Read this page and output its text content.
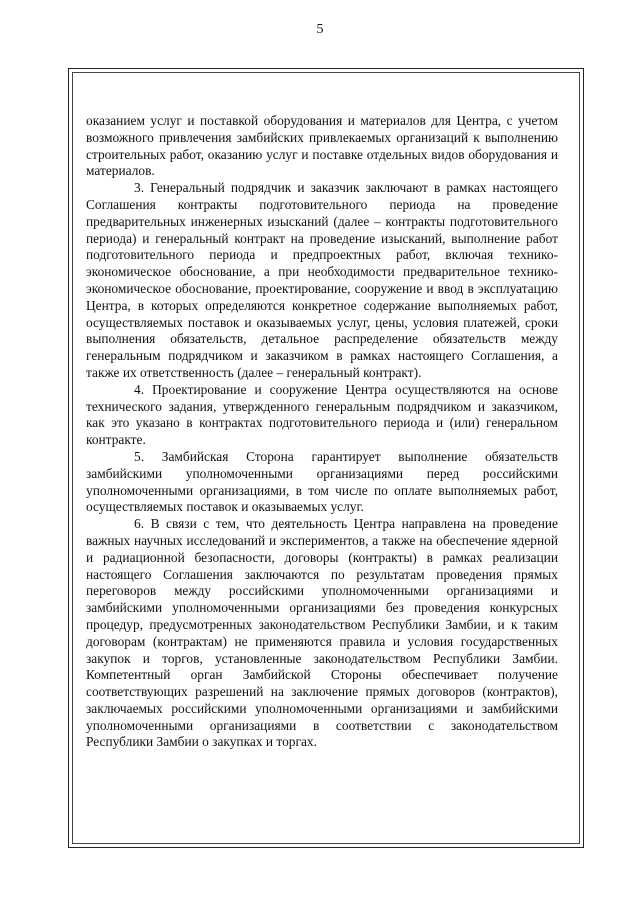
5

оказанием услуг и поставкой оборудования и материалов для Центра, с учетом возможного привлечения замбийских привлекаемых организаций к выполнению строительных работ, оказанию услуг и поставке отдельных видов оборудования и материалов.

3. Генеральный подрядчик и заказчик заключают в рамках настоящего Соглашения контракты подготовительного периода на проведение предварительных инженерных изысканий (далее – контракты подготовительного периода) и генеральный контракт на проведение изысканий, выполнение работ подготовительного периода и предпроектных работ, включая технико-экономическое обоснование, а при необходимости предварительное технико-экономическое обоснование, проектирование, сооружение и ввод в эксплуатацию Центра, в которых определяются конкретное содержание выполняемых работ, осуществляемых поставок и оказываемых услуг, цены, условия платежей, сроки выполнения обязательств, детальное распределение обязательств между генеральным подрядчиком и заказчиком в рамках настоящего Соглашения, а также их ответственность (далее – генеральный контракт).

4. Проектирование и сооружение Центра осуществляются на основе технического задания, утвержденного генеральным подрядчиком и заказчиком, как это указано в контрактах подготовительного периода и (или) генеральном контракте.

5. Замбийская Сторона гарантирует выполнение обязательств замбийскими уполномоченными организациями перед российскими уполномоченными организациями, в том числе по оплате выполняемых работ, осуществляемых поставок и оказываемых услуг.

6. В связи с тем, что деятельность Центра направлена на проведение важных научных исследований и экспериментов, а также на обеспечение ядерной и радиационной безопасности, договоры (контракты) в рамках реализации настоящего Соглашения заключаются по результатам проведения прямых переговоров между российскими уполномоченными организациями и замбийскими уполномоченными организациями без проведения конкурсных процедур, предусмотренных законодательством Республики Замбии, и к таким договорам (контрактам) не применяются правила и условия государственных закупок и торгов, установленные законодательством Республики Замбии. Компетентный орган Замбийской Стороны обеспечивает получение соответствующих разрешений на заключение прямых договоров (контрактов), заключаемых российскими уполномоченными организациями и замбийскими уполномоченными организациями в соответствии с законодательством Республики Замбии о закупках и торгах.
